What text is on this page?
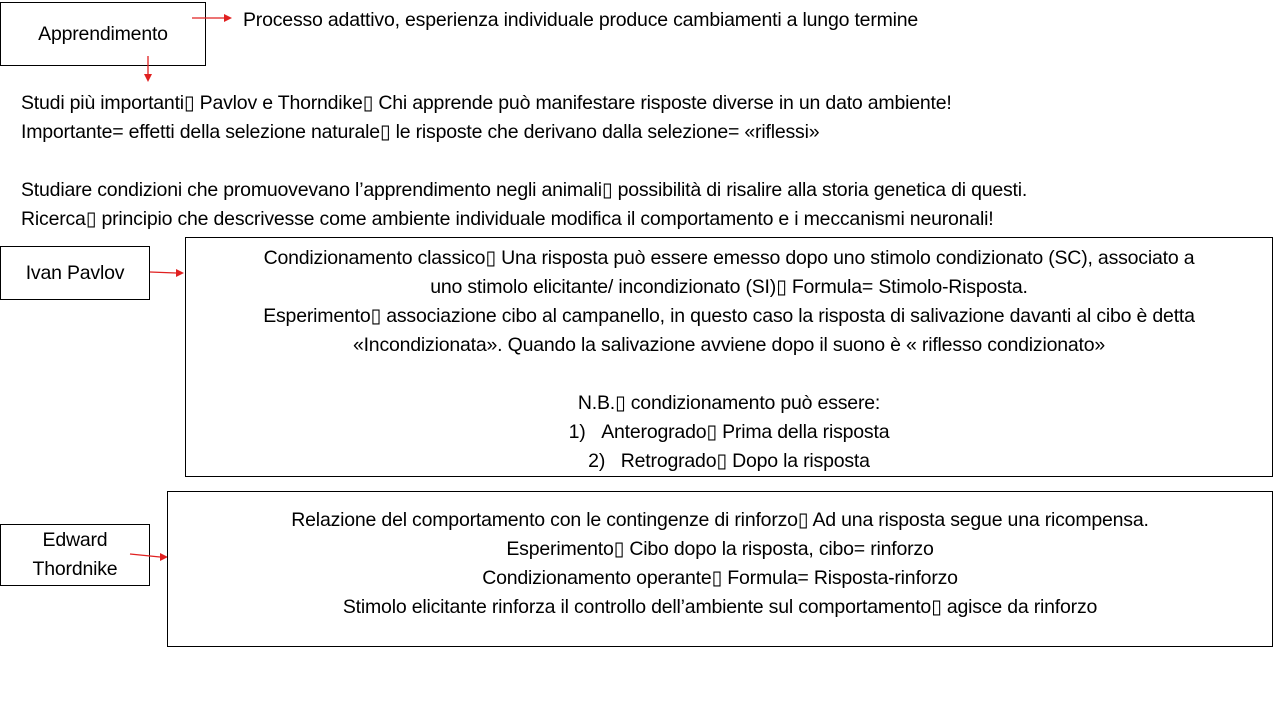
Apprendimento
Processo adattivo, esperienza individuale produce cambiamenti a lungo termine
Studi più importanti▯ Pavlov e Thorndike▯ Chi apprende può manifestare risposte diverse in un dato ambiente!
Importante= effetti della selezione naturale▯ le risposte che derivano dalla selezione= «riflessi»
Studiare condizioni che promuovevano l’apprendimento negli animali▯ possibilità di risalire alla storia genetica di questi.
Ricerca▯ principio che descrivesse come ambiente individuale modifica il comportamento e i meccanismi neuronali!
Ivan Pavlov
Condizionamento classico▯ Una risposta può essere emesso dopo uno stimolo condizionato (SC), associato a
uno stimolo elicitante/ incondizionato (SI)▯ Formula= Stimolo-Risposta.
Esperimento▯ associazione cibo al campanello, in questo caso la risposta di salivazione davanti al cibo è detta
«Incondizionata». Quando la salivazione avviene dopo il suono è « riflesso condizionato»
N.B.▯ condizionamento può essere:
1) Anterogrado▯ Prima della risposta
2) Retrogrado▯ Dopo la risposta
Edward
Thordnike
Relazione del comportamento con le contingenze di rinforzo▯ Ad una risposta segue una ricompensa.
Esperimento▯ Cibo dopo la risposta, cibo= rinforzo
Condizionamento operante▯ Formula= Risposta-rinforzo
Stimolo elicitante rinforza il controllo dell’ambiente sul comportamento▯ agisce da rinforzo
